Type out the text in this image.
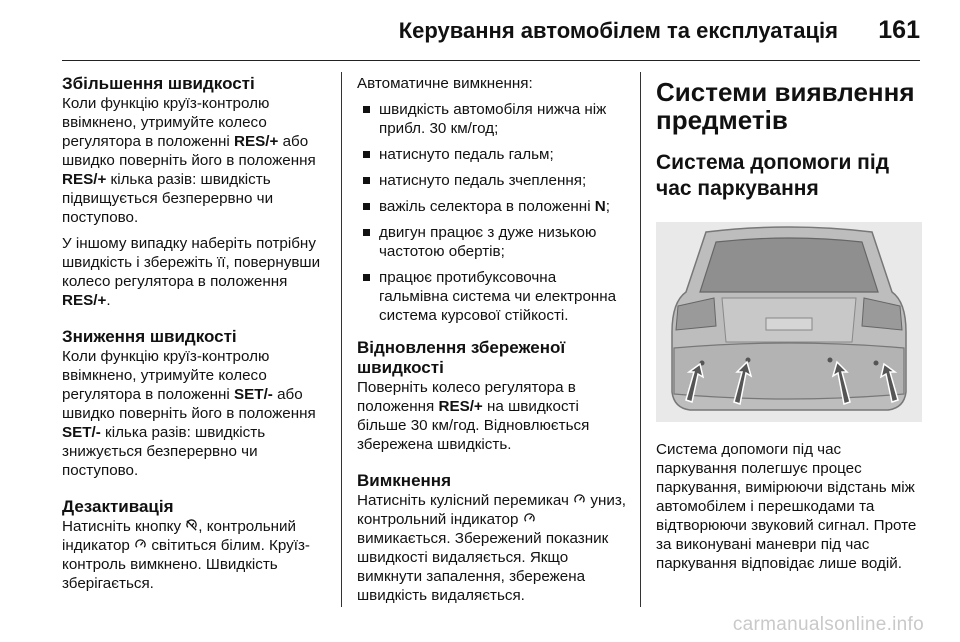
Керування автомобілем та експлуатація 161
Збільшення швидкості

Коли функцію круїз-контролю ввімкнено, утримуйте колесо регулятора в положенні RES/+ або швидко поверніть його в положення RES/+ кілька разів: швидкість підвищується безперервно чи поступово.

У іншому випадку наберіть потрібну швидкість і збережіть її, повернувши колесо регулятора в положення RES/+.

Зниження швидкості

Коли функцію круїз-контролю ввімкнено, утримуйте колесо регулятора в положенні SET/- або швидко поверніть його в положення SET/- кілька разів: швидкість знижується безперервно чи поступово.

Дезактивація

Натисніть кнопку , контрольний індикатор  світиться білим. Круїз-контроль вимкнено. Швидкість зберігається.

Автоматичне вимкнення:

швидкість автомобіля нижча ніж прибл. 30 км/год;
натиснуто педаль гальм;
натиснуто педаль зчеплення;
важіль селектора в положенні N;
двигун працює з дуже низькою частотою обертів;
працює протибуксовочна гальмівна система чи електронна система курсової стійкості.
Відновлення збереженої швидкості

Поверніть колесо регулятора в положення RES/+ на швидкості більше 30 км/год. Відновлюється збережена швидкість.

Вимкнення

Натисніть кулісний перемикач  униз, контрольний індикатор  вимикається. Збережений показник швидкості видаляється. Якщо вимкнути запалення, збережена швидкість видаляється.

Системи виявлення предметів
Система допомоги під час паркування

Система допомоги під час паркування полегшує процес паркування, вимірюючи відстань між автомобілем і перешкодами та відтворюючи звуковий сигнал. Проте за виконувані маневри під час паркування відповідає лише водій.

carmanualsonline.info
